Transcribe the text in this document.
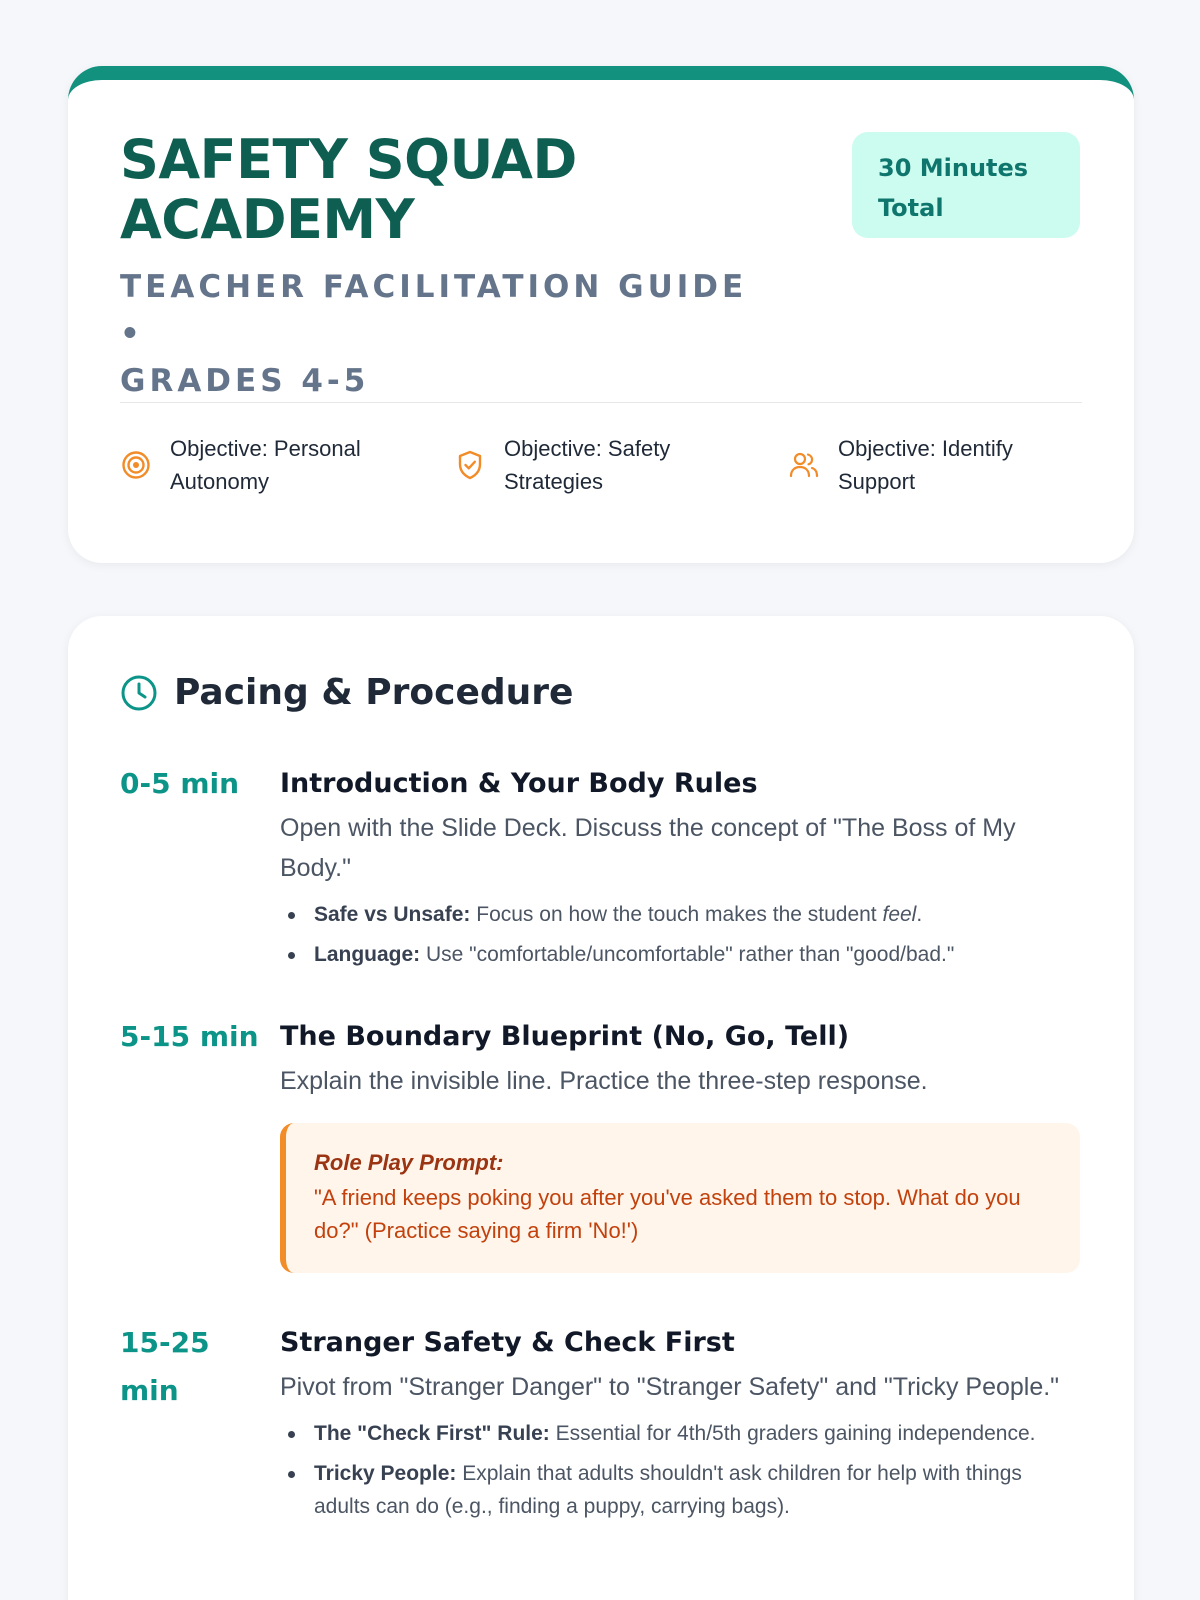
SAFETY SQUAD
ACADEMY
30 Minutes
Total
TEACHER FACILITATION GUIDE •
GRADES 4-5
Objective: Personal
Autonomy
Objective: Safety
Strategies
Objective: Identify
Support
Pacing & Procedure
0-5 min	Introduction & Your Body Rules

Open with the Slide Deck. Discuss the concept of "The Boss of My Body."

Safe vs Unsafe: Focus on how the touch makes the student feel.
Language: Use "comfortable/uncomfortable" rather than "good/bad."
5-15 min The Boundary Blueprint (No, Go, Tell)

Explain the invisible line. Practice the three-step response.

Role Play Prompt:
"A friend keeps poking you after you've asked them to stop. What do you do?" (Practice saying a firm 'No!')
15-25
min
Stranger Safety & Check First

Pivot from "Stranger Danger" to "Stranger Safety" and "Tricky People."

The "Check First" Rule: Essential for 4th/5th graders gaining independence.
Tricky People: Explain that adults shouldn't ask children for help with things adults can do (e.g., finding a puppy, carrying bags).
